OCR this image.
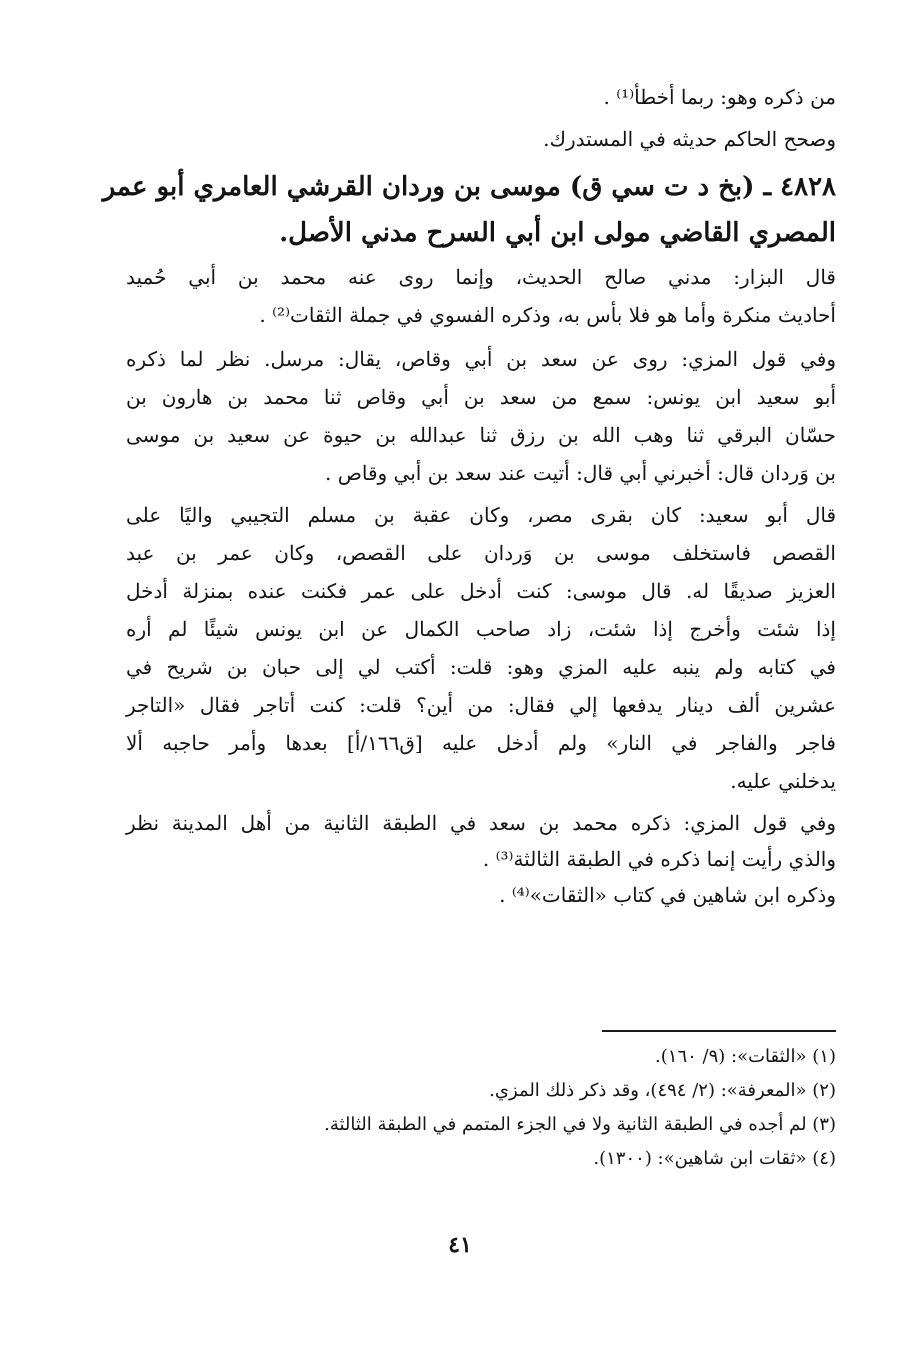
من ذكره وهو: ربما أخطأ⁽¹⁾ .
وصحح الحاكم حديثه في المستدرك.
٤٨٢٨ ـ (بخ د ت سي ق) موسى بن وردان القرشي العامري أبو عمر
المصري القاضي مولى ابن أبي السرح مدني الأصل.
قال البزار: مدني صالح الحديث، وإنما روى عنه محمد بن أبي حُميد
أحاديث منكرة وأما هو فلا بأس به، وذكره الفسوي في جملة الثقات⁽²⁾ .
وفي قول المزي: روى عن سعد بن أبي وقاص، يقال: مرسل. نظر لما ذكره
أبو سعيد ابن يونس: سمع من سعد بن أبي وقاص ثنا محمد بن هارون بن
حسّان البرقي ثنا وهب الله بن رزق ثنا عبدالله بن حيوة عن سعيد بن موسى
بن وَردان قال: أخبرني أبي قال: أتيت عند سعد بن أبي وقاص .
قال أبو سعيد: كان بقرى مصر، وكان عقبة بن مسلم التجيبي واليًا على
القصص فاستخلف موسى بن وَردان على القصص، وكان عمر بن عبد
العزيز صديقًا له. قال موسى: كنت أدخل على عمر فكنت عنده بمنزلة أدخل
إذا شئت وأخرج إذا شئت، زاد صاحب الكمال عن ابن يونس شيئًا لم أره
في كتابه ولم ينبه عليه المزي وهو: قلت: أكتب لي إلى حبان بن شريح في
عشرين ألف دينار يدفعها إلي فقال: من أين؟ قلت: كنت أتاجر فقال «التاجر
فاجر والفاجر في النار» ولم أدخل عليه [ق١٦٦/أ] بعدها وأمر حاجبه ألا
يدخلني عليه.
وفي قول المزي: ذكره محمد بن سعد في الطبقة الثانية من أهل المدينة نظر
والذي رأيت إنما ذكره في الطبقة الثالثة⁽³⁾ .
وذكره ابن شاهين في كتاب «الثقات»⁽⁴⁾ .
(١) «الثقات»: (٩/ ١٦٠).
(٢) «المعرفة»: (٢/ ٤٩٤)، وقد ذكر ذلك المزي.
(٣) لم أجده في الطبقة الثانية ولا في الجزء المتمم في الطبقة الثالثة.
(٤) «ثقات ابن شاهين»: (١٣٠٠).
٤١
